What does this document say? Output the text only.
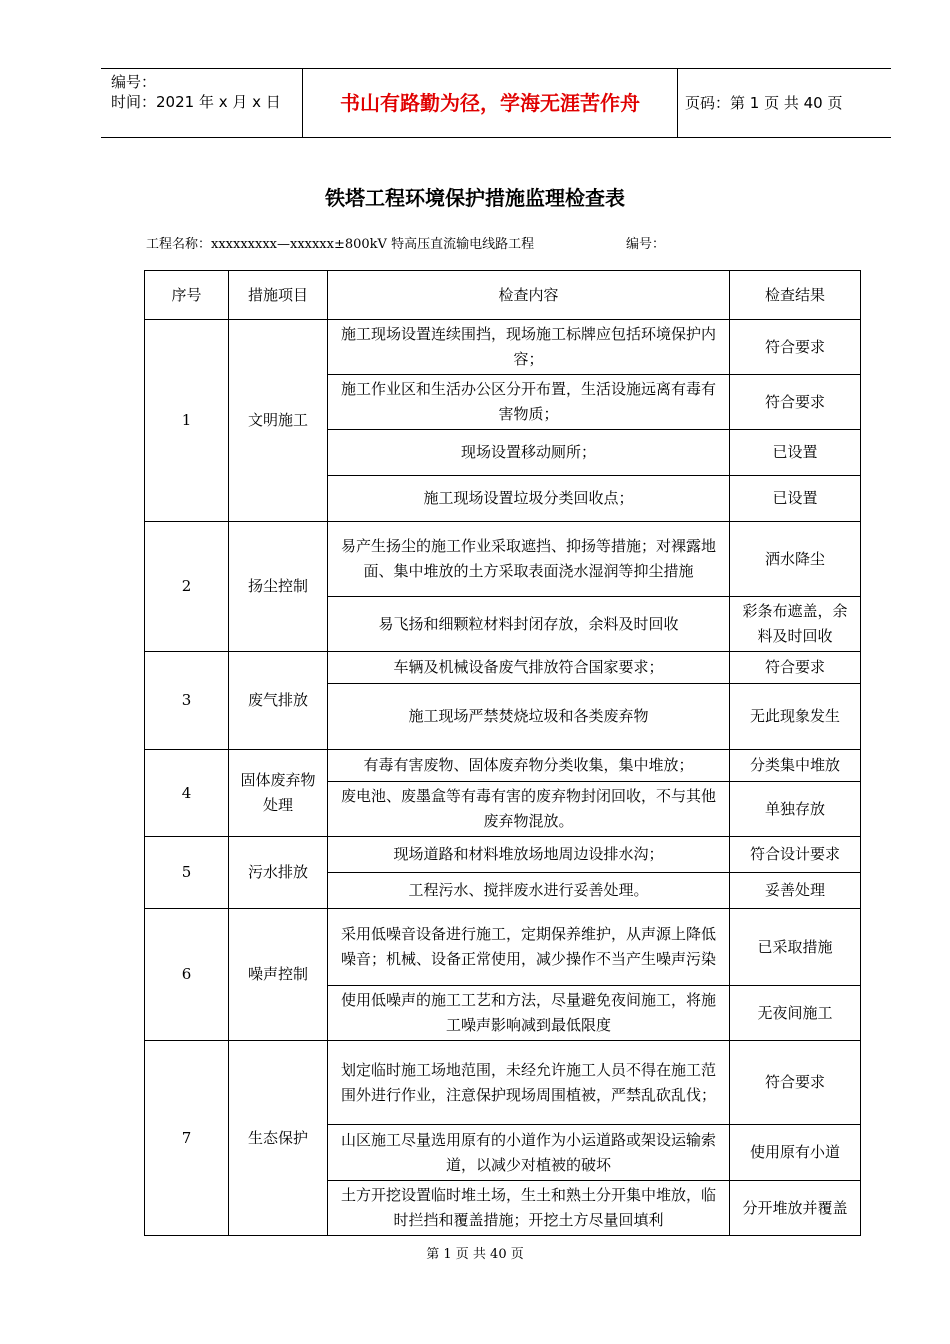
编号：
时间：2021 年 x 月 x 日	书山有路勤为径，学海无涯苦作舟	页码：第 1 页 共 40 页
铁塔工程环境保护措施监理检查表
工程名称：xxxxxxxxx—xxxxxx±800kV 特高压直流输电线路工程	编号：
序号	措施项目	检查内容	检查结果
1	文明施工	施工现场设置连续围挡，现场施工标牌应包括环境保护内容；	符合要求
		施工作业区和生活办公区分开布置，生活设施远离有毒有害物质；	符合要求
		现场设置移动厕所；	已设置
		施工现场设置垃圾分类回收点；	已设置
2	扬尘控制	易产生扬尘的施工作业采取遮挡、抑扬等措施；对裸露地面、集中堆放的土方采取表面浇水湿润等抑尘措施	洒水降尘
		易飞扬和细颗粒材料封闭存放，余料及时回收	彩条布遮盖，余料及时回收
3	废气排放	车辆及机械设备废气排放符合国家要求；	符合要求
		施工现场严禁焚烧垃圾和各类废弃物	无此现象发生
4	固体废弃物处理	有毒有害废物、固体废弃物分类收集，集中堆放；	分类集中堆放
		废电池、废墨盒等有毒有害的废弃物封闭回收，不与其他废弃物混放。	单独存放
5	污水排放	现场道路和材料堆放场地周边设排水沟；	符合设计要求
		工程污水、搅拌废水进行妥善处理。	妥善处理
6	噪声控制	采用低噪音设备进行施工，定期保养维护，从声源上降低噪音；机械、设备正常使用，减少操作不当产生噪声污染	已采取措施
		使用低噪声的施工工艺和方法，尽量避免夜间施工，将施工噪声影响减到最低限度	无夜间施工
7	生态保护	划定临时施工场地范围，未经允许施工人员不得在施工范围外进行作业，注意保护现场周围植被，严禁乱砍乱伐；	符合要求
		山区施工尽量选用原有的小道作为小运道路或架设运输索道，以减少对植被的破坏	使用原有小道
		土方开挖设置临时堆土场，生土和熟土分开集中堆放，临时拦挡和覆盖措施；开挖土方尽量回填利	分开堆放并覆盖
第 1 页 共 40 页
